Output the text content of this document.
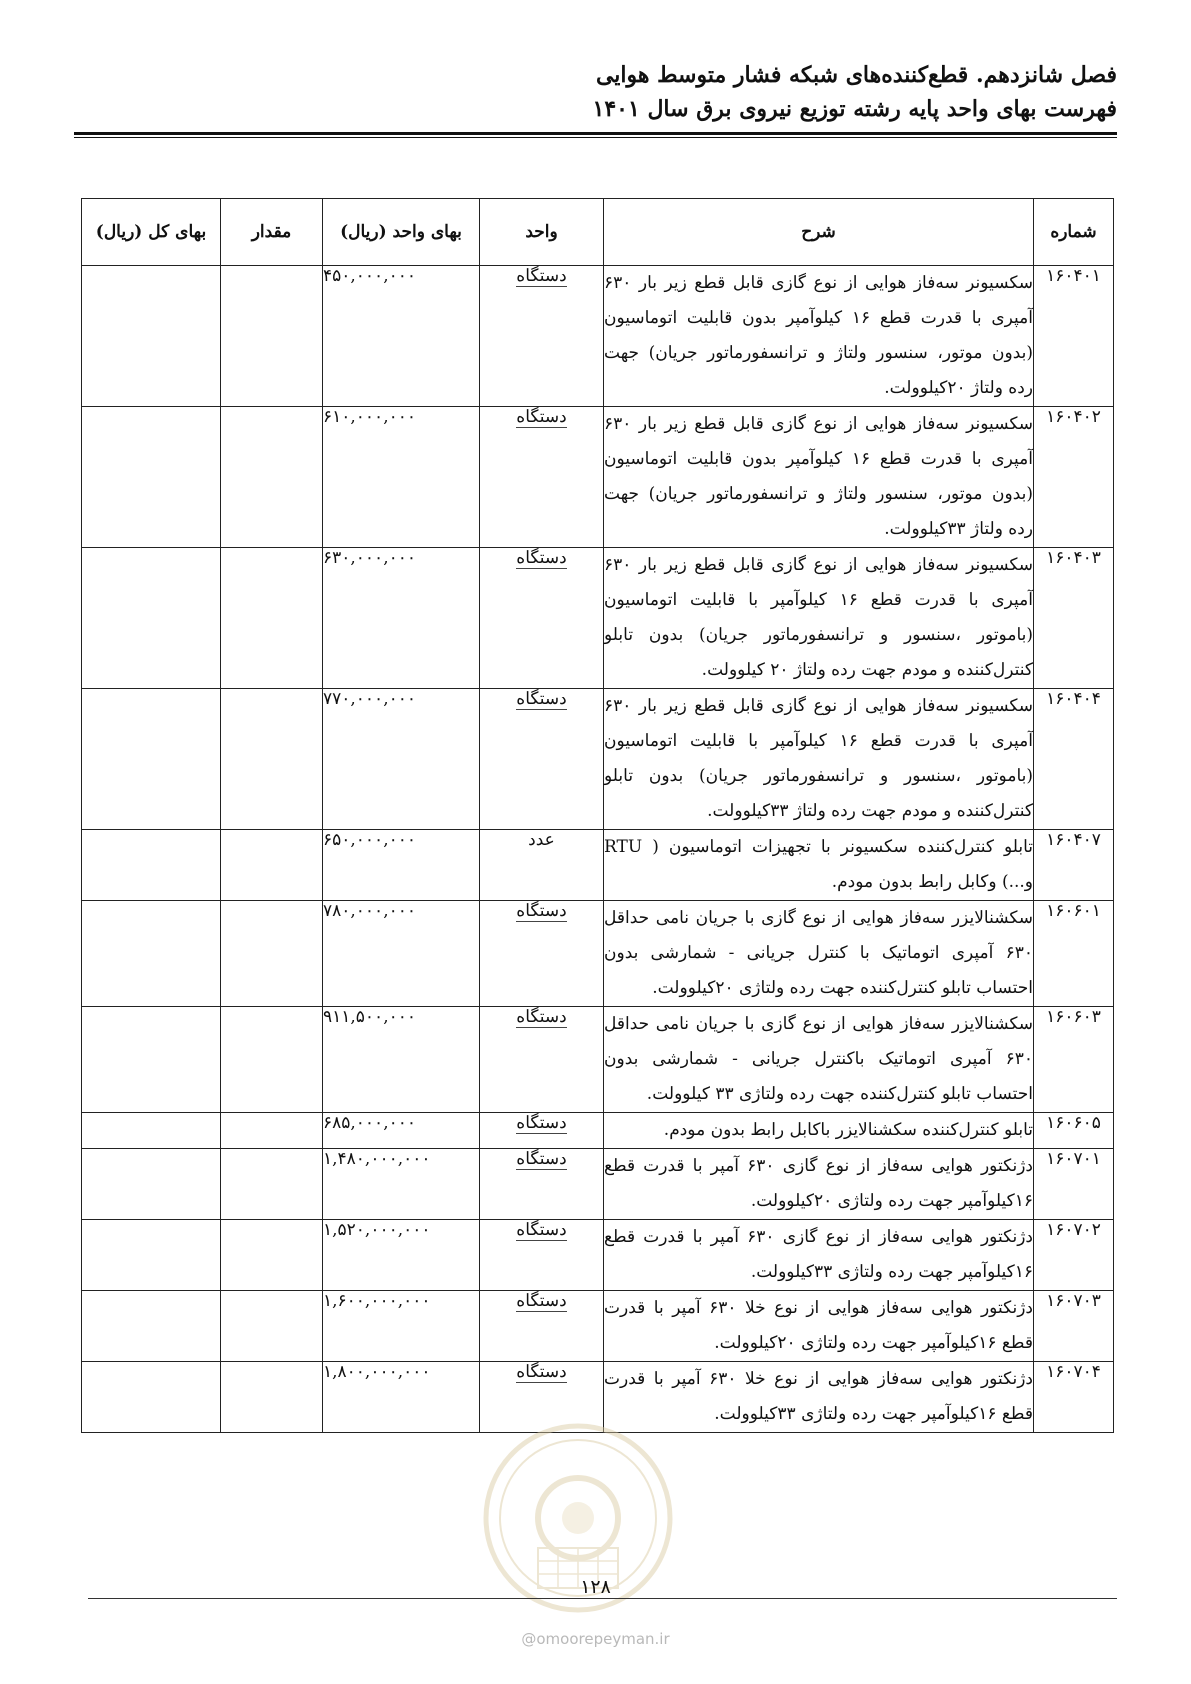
فصل شانزدهم. قطع‌کننده‌های شبکه فشار متوسط هوایی
فهرست بهای واحد پایه رشته توزیع نیروی برق سال ۱۴۰۱
شماره	شرح	واحد	بهای واحد (ریال)	مقدار	بهای کل (ریال)
۱۶۰۴۰۱	سکسیونر سه‌فاز هوایی از نوع گازی قابل قطع زیر بار ۶۳۰ آمپری با قدرت قطع ۱۶ کیلوآمپر بدون قابلیت اتوماسیون (بدون موتور، سنسور ولتاژ و ترانسفورماتور جریان) جهت رده ولتاژ ۲۰کیلوولت.	دستگاه	۴۵۰,۰۰۰,۰۰۰		
۱۶۰۴۰۲	سکسیونر سه‌فاز هوایی از نوع گازی قابل قطع زیر بار ۶۳۰ آمپری با قدرت قطع ۱۶ کیلوآمپر بدون قابلیت اتوماسیون (بدون موتور، سنسور ولتاژ و ترانسفورماتور جریان) جهت رده ولتاژ ۳۳کیلوولت.	دستگاه	۶۱۰,۰۰۰,۰۰۰		
۱۶۰۴۰۳	سکسیونر سه‌فاز هوایی از نوع گازی قابل قطع زیر بار ۶۳۰ آمپری با قدرت قطع ۱۶ کیلوآمپر با قابلیت اتوماسیون (باموتور ،سنسور و ترانسفورماتور جریان) بدون تابلو کنترل‌کننده و مودم جهت رده ولتاژ ۲۰ کیلوولت.	دستگاه	۶۳۰,۰۰۰,۰۰۰		
۱۶۰۴۰۴	سکسیونر سه‌فاز هوایی از نوع گازی قابل قطع زیر بار ۶۳۰ آمپری با قدرت قطع ۱۶ کیلوآمپر با قابلیت اتوماسیون (باموتور ،سنسور و ترانسفورماتور جریان) بدون تابلو کنترل‌کننده و مودم جهت رده ولتاژ ۳۳کیلوولت.	دستگاه	۷۷۰,۰۰۰,۰۰۰		
۱۶۰۴۰۷	تابلو کنترل‌کننده سکسیونر با تجهیزات اتوماسیون ( RTU و...) وکابل رابط بدون مودم.	عدد	۶۵۰,۰۰۰,۰۰۰		
۱۶۰۶۰۱	سکشنالایزر سه‌فاز هوایی از نوع گازی با جریان نامی حداقل ۶۳۰ آمپری اتوماتیک با کنترل جریانی - شمارشی بدون احتساب تابلو کنترل‌کننده جهت رده ولتاژی ۲۰کیلوولت.	دستگاه	۷۸۰,۰۰۰,۰۰۰		
۱۶۰۶۰۳	سکشنالایزر سه‌فاز هوایی از نوع گازی با جریان نامی حداقل ۶۳۰ آمپری اتوماتیک باکنترل جریانی - شمارشی بدون احتساب تابلو کنترل‌کننده جهت رده ولتاژی ۳۳ کیلوولت.	دستگاه	۹۱۱,۵۰۰,۰۰۰		
۱۶۰۶۰۵	تابلو کنترل‌کننده سکشنالایزر باکابل رابط بدون مودم.	دستگاه	۶۸۵,۰۰۰,۰۰۰		
۱۶۰۷۰۱	دژنکتور هوایی سه‌فاز از نوع گازی ۶۳۰ آمپر با قدرت قطع ۱۶کیلوآمپر جهت رده ولتاژی ۲۰کیلوولت.	دستگاه	۱,۴۸۰,۰۰۰,۰۰۰		
۱۶۰۷۰۲	دژنکتور هوایی سه‌فاز از نوع گازی ۶۳۰ آمپر با قدرت قطع ۱۶کیلوآمپر جهت رده ولتاژی ۳۳کیلوولت.	دستگاه	۱,۵۲۰,۰۰۰,۰۰۰		
۱۶۰۷۰۳	دژنکتور هوایی سه‌فاز هوایی از نوع خلا ۶۳۰ آمپر با قدرت قطع ۱۶کیلوآمپر جهت رده ولتاژی ۲۰کیلوولت.	دستگاه	۱,۶۰۰,۰۰۰,۰۰۰		
۱۶۰۷۰۴	دژنکتور هوایی سه‌فاز هوایی از نوع خلا ۶۳۰ آمپر با قدرت قطع ۱۶کیلوآمپر جهت رده ولتاژی ۳۳کیلوولت.	دستگاه	۱,۸۰۰,۰۰۰,۰۰۰		
۱۲۸
@omoorepeyman.ir
